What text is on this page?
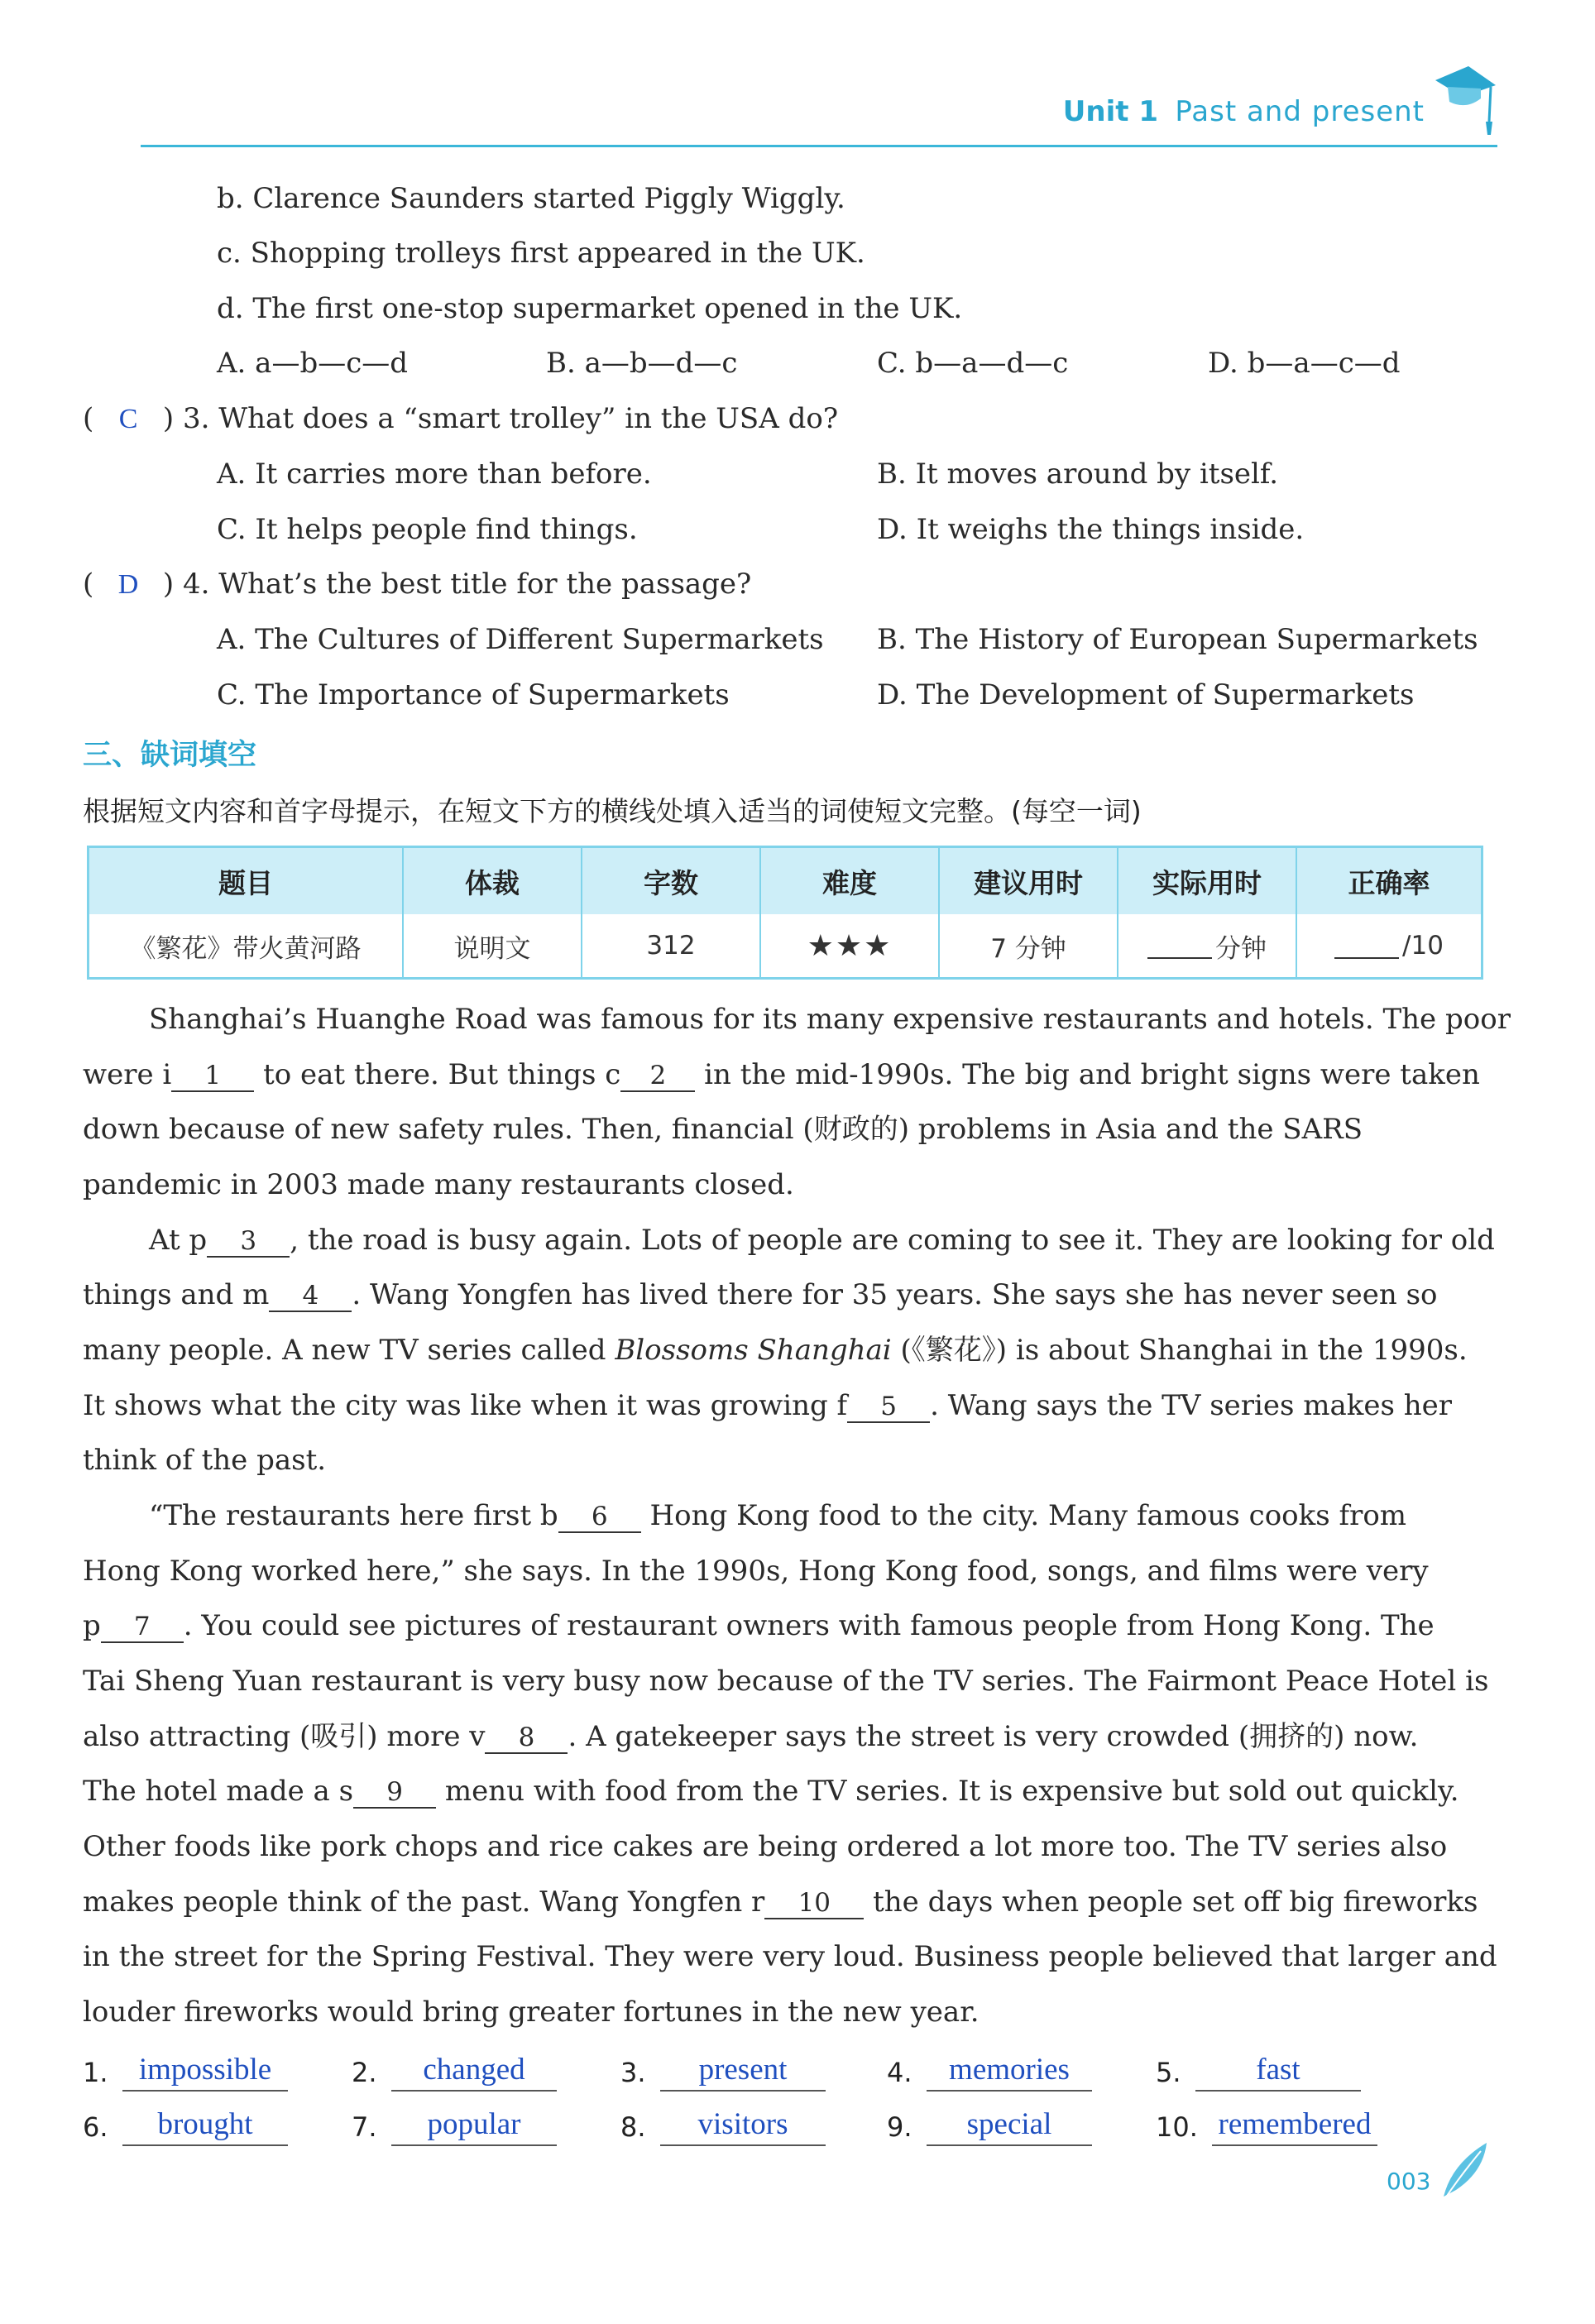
Unit 1 Past and present
b. Clarence Saunders started Piggly Wiggly.
c. Shopping trolleys first appeared in the UK.
d. The first one-stop supermarket opened in the UK.
A. a—b—c—d	B. a—b—d—c	C. b—a—d—c	D. b—a—c—d
( C ) 3. What does a “smart trolley” in the USA do?
A. It carries more than before.	B. It moves around by itself.
C. It helps people find things.	D. It weighs the things inside.
( D ) 4. What’s the best title for the passage?
A. The Cultures of Different Supermarkets B. The History of European Supermarkets
C. The Importance of Supermarkets	D. The Development of Supermarkets
三、缺词填空
根据短文内容和首字母提示，在短文下方的横线处填入适当的词使短文完整。(每空一词)
题目	体裁	字数	难度	建议用时	实际用时	正确率
《繁花》带火黄河路	说明文	312	★★★	7 分钟	分钟	/10
Shanghai’s Huanghe Road was famous for its many expensive restaurants and hotels. The poor
were i 1 to eat there. But things c 2 in the mid-1990s. The big and bright signs were taken
down because of new safety rules. Then, financial (财政的) problems in Asia and the SARS
pandemic in 2003 made many restaurants closed.
At p 3 , the road is busy again. Lots of people are coming to see it. They are looking for old
things and m 4 . Wang Yongfen has lived there for 35 years. She says she has never seen so
many people. A new TV series called Blossoms Shanghai (《繁花》) is about Shanghai in the 1990s.
It shows what the city was like when it was growing f 5 . Wang says the TV series makes her
think of the past.
“The restaurants here first b 6 Hong Kong food to the city. Many famous cooks from
Hong Kong worked here,” she says. In the 1990s, Hong Kong food, songs, and films were very
p 7 . You could see pictures of restaurant owners with famous people from Hong Kong. The
Tai Sheng Yuan restaurant is very busy now because of the TV series. The Fairmont Peace Hotel is
also attracting (吸引) more v 8 . A gatekeeper says the street is very crowded (拥挤的) now.
The hotel made a s 9 menu with food from the TV series. It is expensive but sold out quickly.
Other foods like pork chops and rice cakes are being ordered a lot more too. The TV series also
makes people think of the past. Wang Yongfen r 10 the days when people set off big fireworks
in the street for the Spring Festival. They were very loud. Business people believed that larger and
louder fireworks would bring greater fortunes in the new year.
1.	impossible	2.	changed	3.	present	4.	memories	5.	fast
6.	brought	7.	popular	8.	visitors	9.	special	10. remembered
003
